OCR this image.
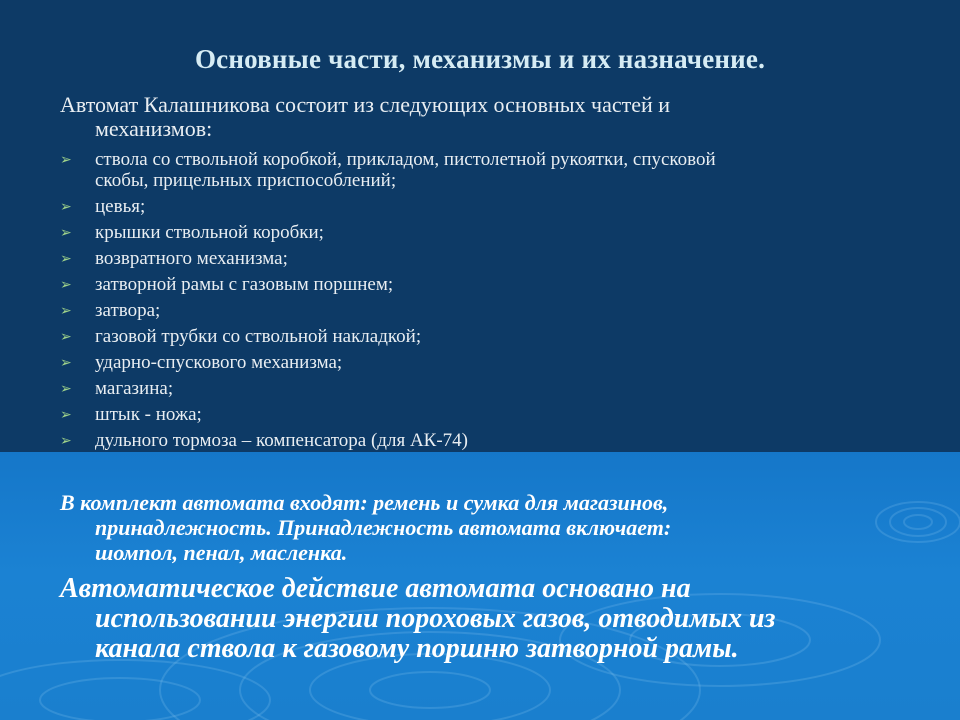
Основные части, механизмы и их назначение.
Автомат Калашникова состоит из следующих основных частей и
механизмов:
➢ ствола со ствольной коробкой, прикладом, пистолетной рукоятки, спусковой
скобы, прицельных приспособлений;
➢ цевья;
➢ крышки ствольной коробки;
➢ возвратного механизма;
➢ затворной рамы с газовым поршнем;
➢ затвора;
➢ газовой трубки со ствольной накладкой;
➢ ударно-спускового механизма;
➢ магазина;
➢ штык - ножа;
➢ дульного тормоза – компенсатора (для АК-74)
В комплект автомата входят: ремень и сумка для магазинов,
принадлежность. Принадлежность автомата включает:
шомпол, пенал, масленка.
Автоматическое действие автомата основано на
использовании энергии пороховых газов, отводимых из
канала ствола к газовому поршню затворной рамы.
